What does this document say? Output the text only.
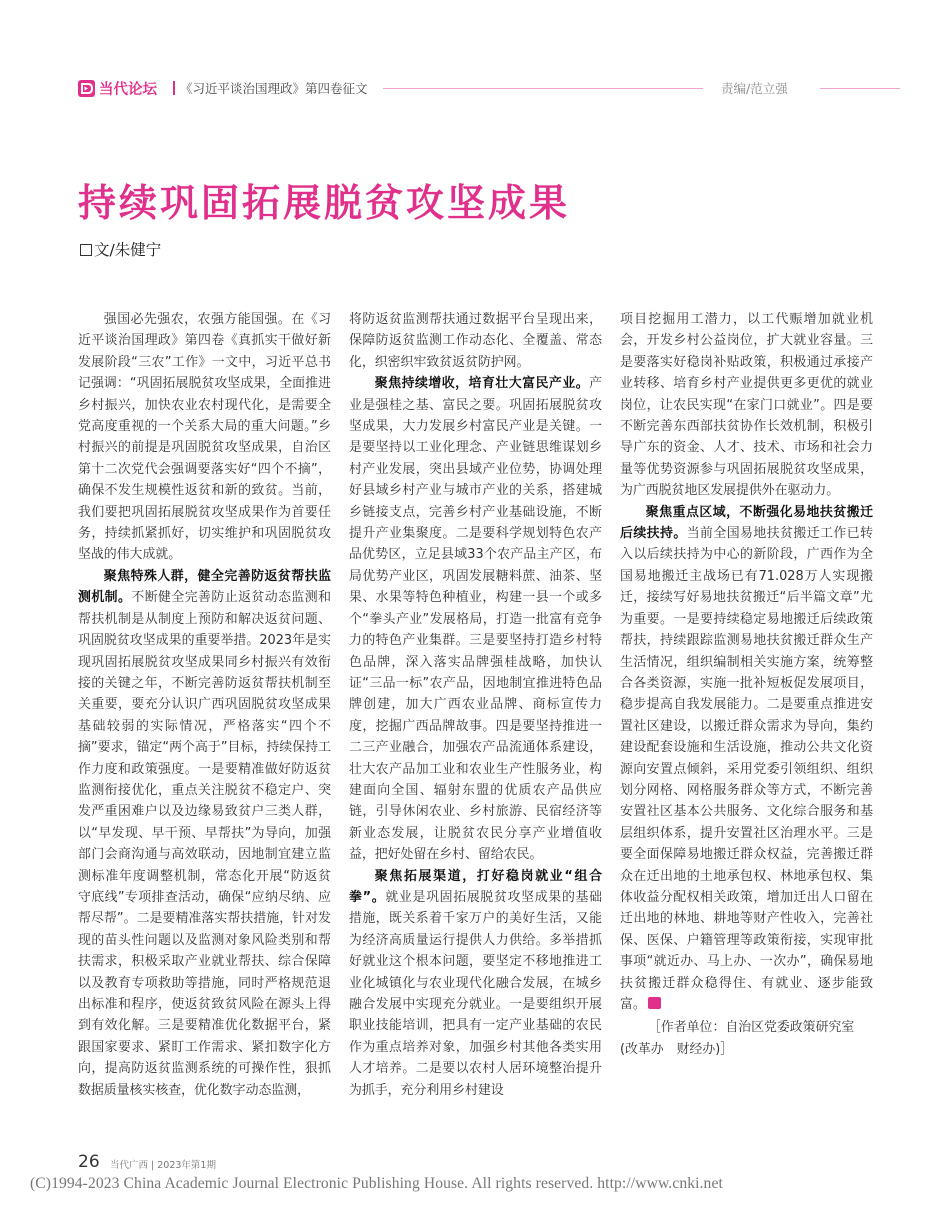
当代论坛 《习近平谈治国理政》第四卷征文	责编/范立强
持续巩固拓展脱贫攻坚成果
文/朱健宁

强国必先强农，农强方能国强。在《习近平谈治国理政》第四卷《真抓实干做好新发展阶段“三农”工作》一文中，习近平总书记强调：“巩固拓展脱贫攻坚成果，全面推进乡村振兴，加快农业农村现代化，是需要全党高度重视的一个关系大局的重大问题。”乡村振兴的前提是巩固脱贫攻坚成果，自治区第十二次党代会强调要落实好“四个不摘”，确保不发生规模性返贫和新的致贫。当前，我们要把巩固拓展脱贫攻坚成果作为首要任务，持续抓紧抓好，切实维护和巩固脱贫攻坚战的伟大成就。

聚焦特殊人群，健全完善防返贫帮扶监测机制。不断健全完善防止返贫动态监测和帮扶机制是从制度上预防和解决返贫问题、巩固脱贫攻坚成果的重要举措。2023年是实现巩固拓展脱贫攻坚成果同乡村振兴有效衔接的关键之年，不断完善防返贫帮扶机制至关重要，要充分认识广西巩固脱贫攻坚成果基础较弱的实际情况，严格落实“四个不摘”要求，锚定“两个高于”目标，持续保持工作力度和政策强度。一是要精准做好防返贫监测衔接优化，重点关注脱贫不稳定户、突发严重困难户以及边缘易致贫户三类人群，以“早发现、早干预、早帮扶”为导向，加强部门会商沟通与高效联动，因地制宜建立监测标准年度调整机制，常态化开展“防返贫 守底线”专项排查活动，确保“应纳尽纳、应帮尽帮”。二是要精准落实帮扶措施，针对发现的苗头性问题以及监测对象风险类别和帮扶需求，积极采取产业就业帮扶、综合保障以及教育专项救助等措施，同时严格规范退出标准和程序，使返贫致贫风险在源头上得到有效化解。三是要精准优化数据平台，紧跟国家要求、紧盯工作需求、紧扣数字化方向，提高防返贫监测系统的可操作性，狠抓数据质量核实核查，优化数字动态监测，

将防返贫监测帮扶通过数据平台呈现出来，保障防返贫监测工作动态化、全覆盖、常态化，织密织牢致贫返贫防护网。

聚焦持续增收，培育壮大富民产业。产业是强桂之基、富民之要。巩固拓展脱贫攻坚成果，大力发展乡村富民产业是关键。一是要坚持以工业化理念、产业链思维谋划乡村产业发展，突出县域产业位势，协调处理好县域乡村产业与城市产业的关系，搭建城乡链接支点，完善乡村产业基础设施，不断提升产业集聚度。二是要科学规划特色农产品优势区，立足县域33个农产品主产区，布局优势产业区，巩固发展糖料蔗、油茶、坚果、水果等特色种植业，构建一县一个或多个“拳头产业”发展格局，打造一批富有竞争力的特色产业集群。三是要坚持打造乡村特色品牌，深入落实品牌强桂战略，加快认证“三品一标”农产品，因地制宜推进特色品牌创建，加大广西农业品牌、商标宣传力度，挖掘广西品牌故事。四是要坚持推进一二三产业融合，加强农产品流通体系建设，壮大农产品加工业和农业生产性服务业，构建面向全国、辐射东盟的优质农产品供应链，引导休闲农业、乡村旅游、民宿经济等新业态发展，让脱贫农民分享产业增值收益，把好处留在乡村、留给农民。

聚焦拓展渠道，打好稳岗就业“组合拳”。就业是巩固拓展脱贫攻坚成果的基础措施，既关系着千家万户的美好生活，又能为经济高质量运行提供人力供给。多举措抓好就业这个根本问题，要坚定不移地推进工业化城镇化与农业现代化融合发展，在城乡融合发展中实现充分就业。一是要组织开展职业技能培训，把具有一定产业基础的农民作为重点培养对象，加强乡村其他各类实用人才培养。二是要以农村人居环境整治提升为抓手，充分利用乡村建设

项目挖掘用工潜力，以工代赈增加就业机会，开发乡村公益岗位，扩大就业容量。三是要落实好稳岗补贴政策，积极通过承接产业转移、培育乡村产业提供更多更优的就业岗位，让农民实现“在家门口就业”。四是要不断完善东西部扶贫协作长效机制，积极引导广东的资金、人才、技术、市场和社会力量等优势资源参与巩固拓展脱贫攻坚成果，为广西脱贫地区发展提供外在驱动力。

聚焦重点区域，不断强化易地扶贫搬迁后续扶持。当前全国易地扶贫搬迁工作已转入以后续扶持为中心的新阶段，广西作为全国易地搬迁主战场已有71.028万人实现搬迁，接续写好易地扶贫搬迁“后半篇文章”尤为重要。一是要持续稳定易地搬迁后续政策帮扶，持续跟踪监测易地扶贫搬迁群众生产生活情况，组织编制相关实施方案，统筹整合各类资源，实施一批补短板促发展项目，稳步提高自我发展能力。二是要重点推进安置社区建设，以搬迁群众需求为导向，集约建设配套设施和生活设施，推动公共文化资源向安置点倾斜，采用党委引领组织、组织划分网格、网格服务群众等方式，不断完善安置社区基本公共服务、文化综合服务和基层组织体系，提升安置社区治理水平。三是要全面保障易地搬迁群众权益，完善搬迁群众在迁出地的土地承包权、林地承包权、集体收益分配权相关政策，增加迁出人口留在迁出地的林地、耕地等财产性收入，完善社保、医保、户籍管理等政策衔接，实现审批事项“就近办、马上办、一次办”，确保易地扶贫搬迁群众稳得住、有就业、逐步能致富。

［作者单位：自治区党委政策研究室

(改革办　财经办)］

26 当代广西 | 2023年第1期
(C)1994-2023 China Academic Journal Electronic Publishing House. All rights reserved. http://www.cnki.net
